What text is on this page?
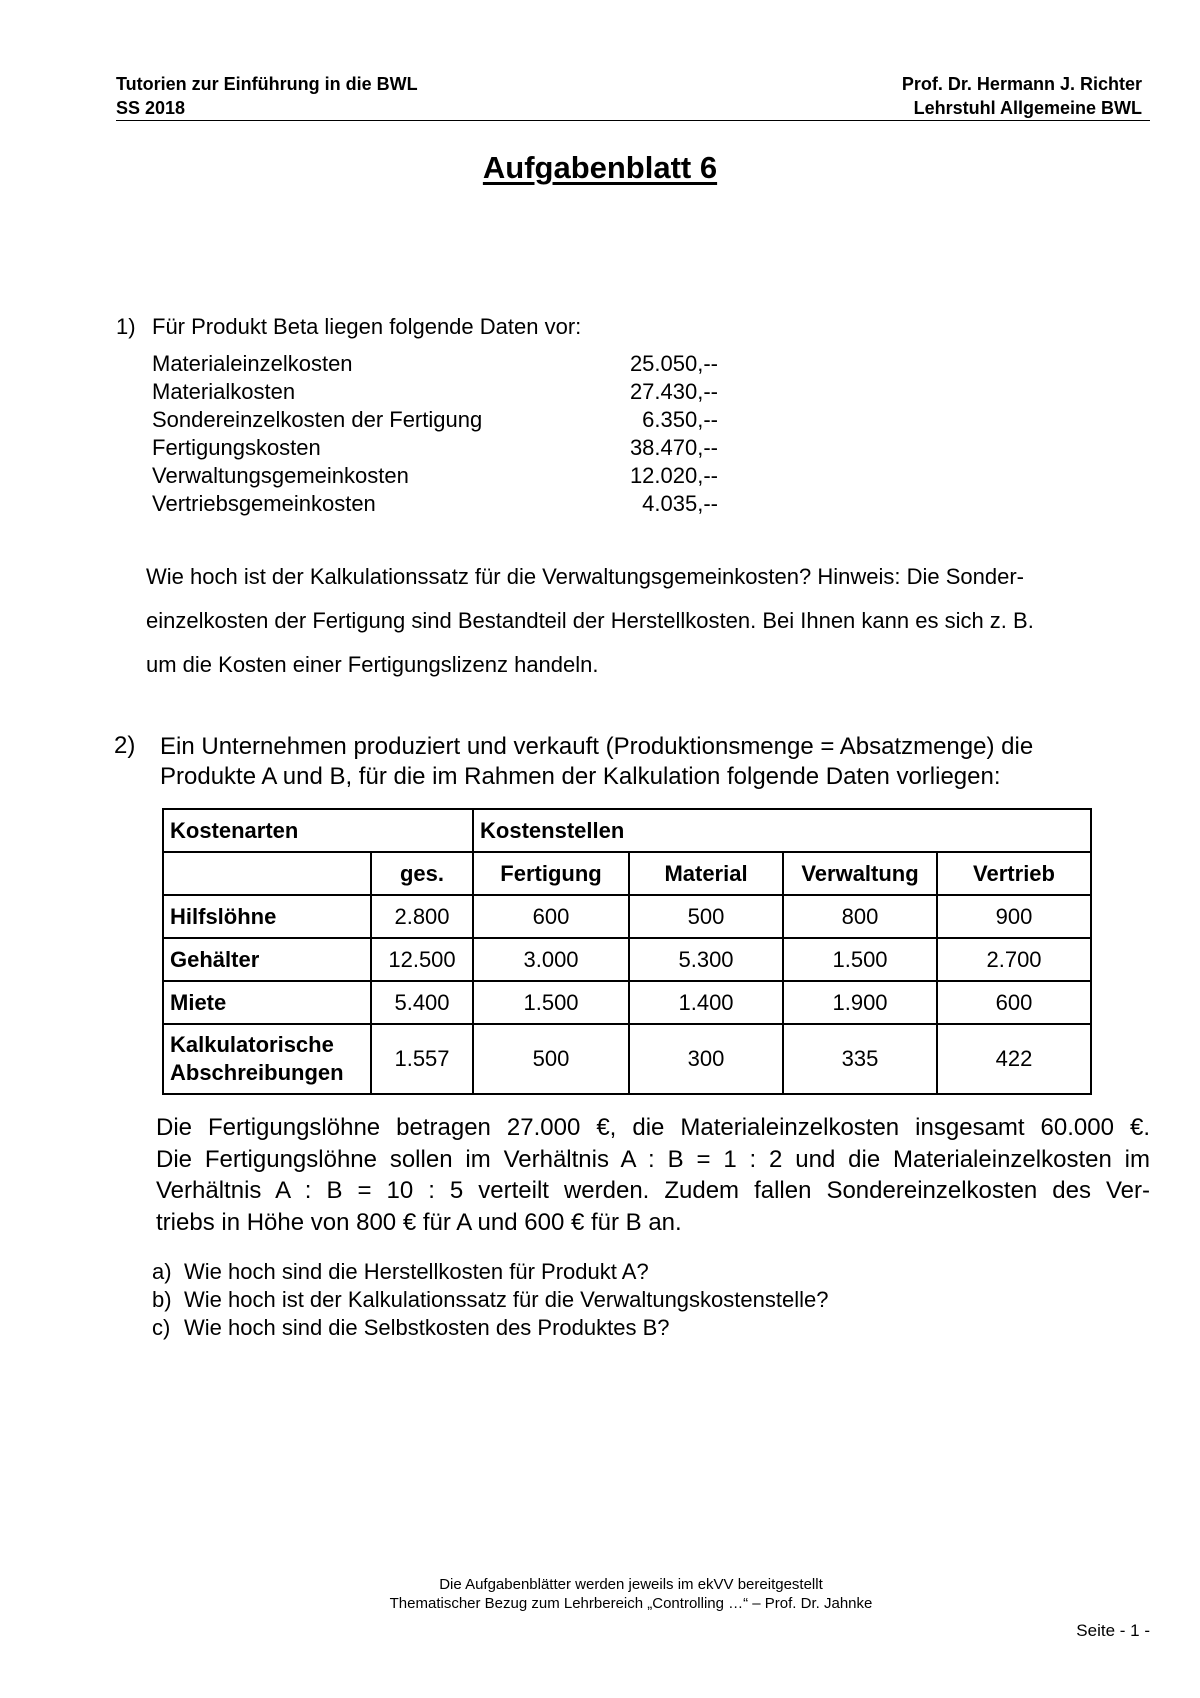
Tutorien zur Einführung in die BWL
SS 2018
Prof. Dr. Hermann J. Richter
Lehrstuhl Allgemeine BWL
Aufgabenblatt 6
1) Für Produkt Beta liegen folgende Daten vor:
Materialeinzelkosten	25.050,--
Materialkosten	27.430,--
Sondereinzelkosten der Fertigung	6.350,--
Fertigungskosten	38.470,--
Verwaltungsgemeinkosten	12.020,--
Vertriebsgemeinkosten	4.035,--
Wie hoch ist der Kalkulationssatz für die Verwaltungsgemeinkosten? Hinweis: Die Sonder-
einzelkosten der Fertigung sind Bestandteil der Herstellkosten. Bei Ihnen kann es sich z. B.
um die Kosten einer Fertigungslizenz handeln.
2) Ein Unternehmen produziert und verkauft (Produktionsmenge = Absatzmenge) die
Produkte A und B, für die im Rahmen der Kalkulation folgende Daten vorliegen:
Kostenarten		Kostenstellen			
	ges.	Fertigung	Material	Verwaltung	Vertrieb
Hilfslöhne	2.800	600	500	800	900
Gehälter	12.500	3.000	5.300	1.500	2.700
Miete	5.400	1.500	1.400	1.900	600

Kalkulatorische
Abschreibungen	1.557	500	300	335	422
Die Fertigungslöhne betragen 27.000 €, die Materialeinzelkosten insgesamt 60.000 €.
Die Fertigungslöhne sollen im Verhältnis A : B = 1 : 2 und die Materialeinzelkosten im
Verhältnis A : B = 10 : 5 verteilt werden. Zudem fallen Sondereinzelkosten des Ver-
triebs in Höhe von 800 € für A und 600 € für B an.
a) Wie hoch sind die Herstellkosten für Produkt A?
b) Wie hoch ist der Kalkulationssatz für die Verwaltungskostenstelle?
c) Wie hoch sind die Selbstkosten des Produktes B?
Die Aufgabenblätter werden jeweils im ekVV bereitgestellt
Thematischer Bezug zum Lehrbereich „Controlling …“ – Prof. Dr. Jahnke
Seite - 1 -
